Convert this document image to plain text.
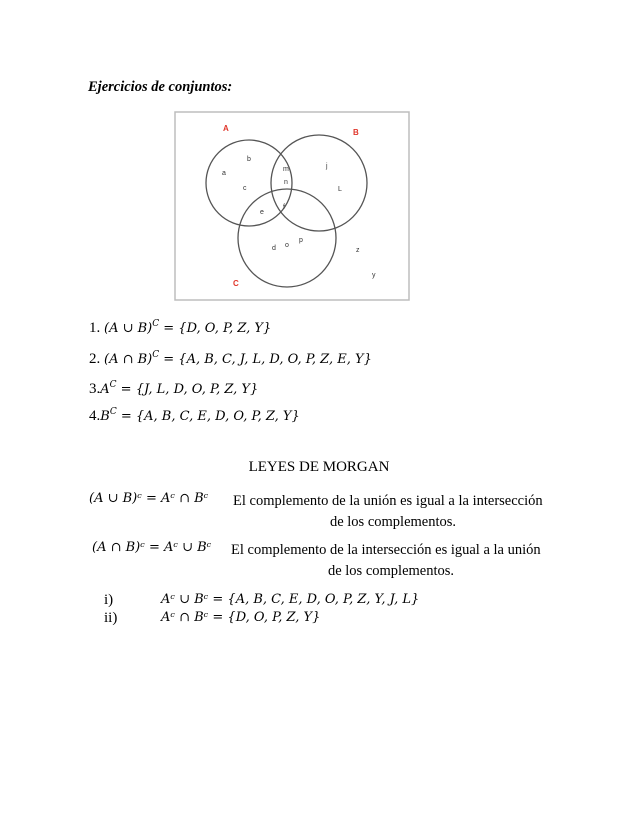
Ejercicios de conjuntos:
A	B
C
b
a
c
m
n
j
L
e
f
d o
p
z
y
1. (A ∪ B)$^C$ = {D, O, P, Z, Y}
2. (A ∩ B)$^C$ = {A, B, C, J, L, D, O, P, Z, E, Y}
$3.A^C = \{J$, L, D, O, P, Z, Y}
$4.B^C = \{A$, B, C, E, D, O, P, Z, Y}
LEYES DE MORGAN
(A ∪ B)ᶜ = Aᶜ ∩ Bᶜ El complemento de la unión es igual a la intersección
de los complementos.
(A ∩ B)ᶜ = Aᶜ ∪ Bᶜ El complemento de la intersección es igual a la unión
de los complementos.
i)	Aᶜ ∪ Bᶜ = {A, B, C, E, D, O, P, Z, Y, J, L}
ii)	Aᶜ ∩ Bᶜ = {D, O, P, Z, Y}
